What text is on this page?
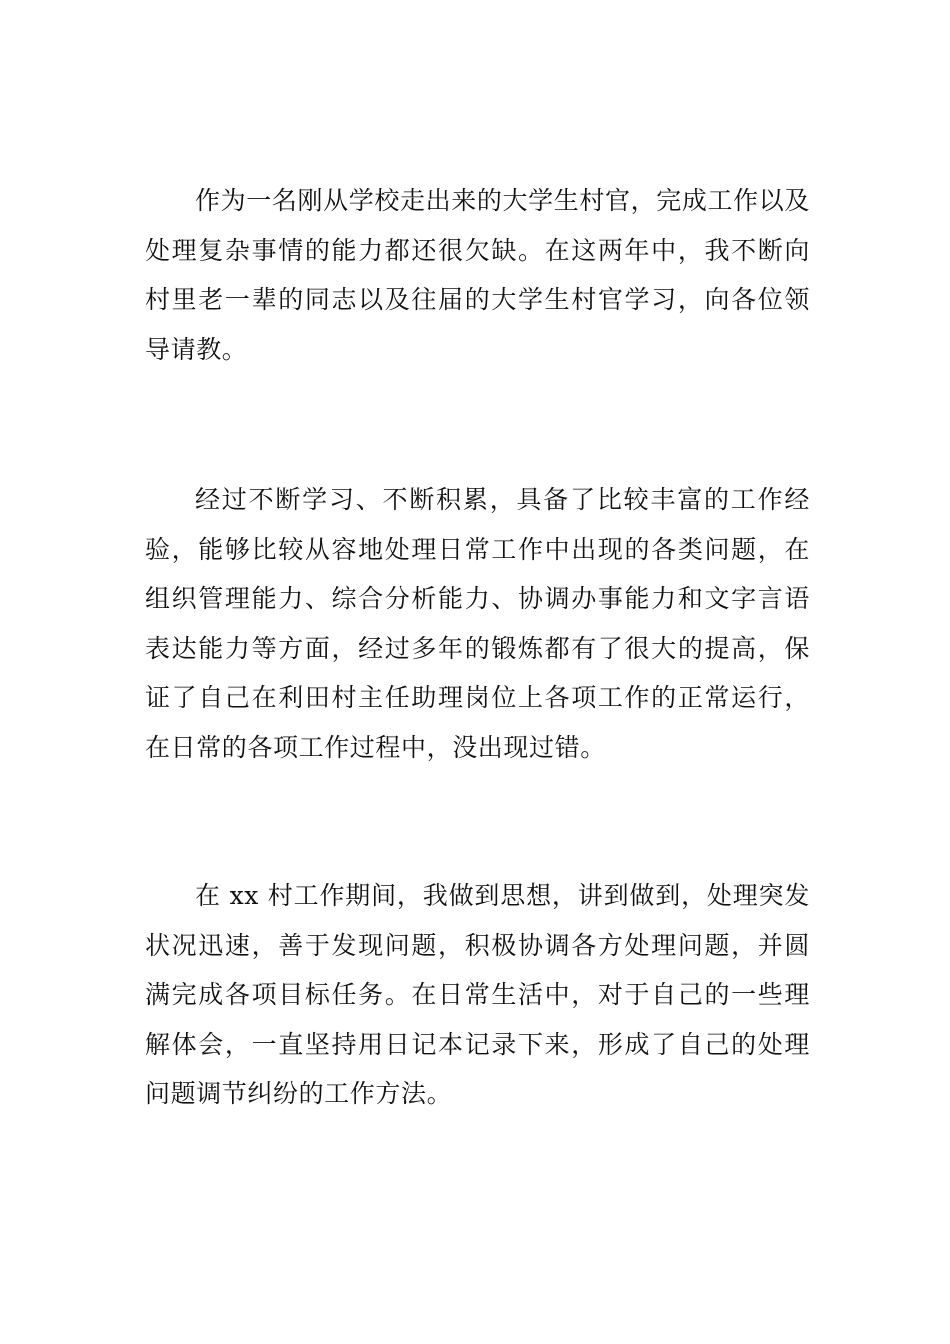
作为一名刚从学校走出来的大学生村官，完成工作以及处理复杂事情的能力都还很欠缺。在这两年中，我不断向村里老一辈的同志以及往届的大学生村官学习，向各位领导请教。

经过不断学习、不断积累，具备了比较丰富的工作经验，能够比较从容地处理日常工作中出现的各类问题，在组织管理能力、综合分析能力、协调办事能力和文字言语表达能力等方面，经过多年的锻炼都有了很大的提高，保证了自己在利田村主任助理岗位上各项工作的正常运行，在日常的各项工作过程中，没出现过错。

在 xx 村工作期间，我做到思想，讲到做到，处理突发状况迅速，善于发现问题，积极协调各方处理问题，并圆满完成各项目标任务。在日常生活中，对于自己的一些理解体会，一直坚持用日记本记录下来，形成了自己的处理问题调节纠纷的工作方法。
